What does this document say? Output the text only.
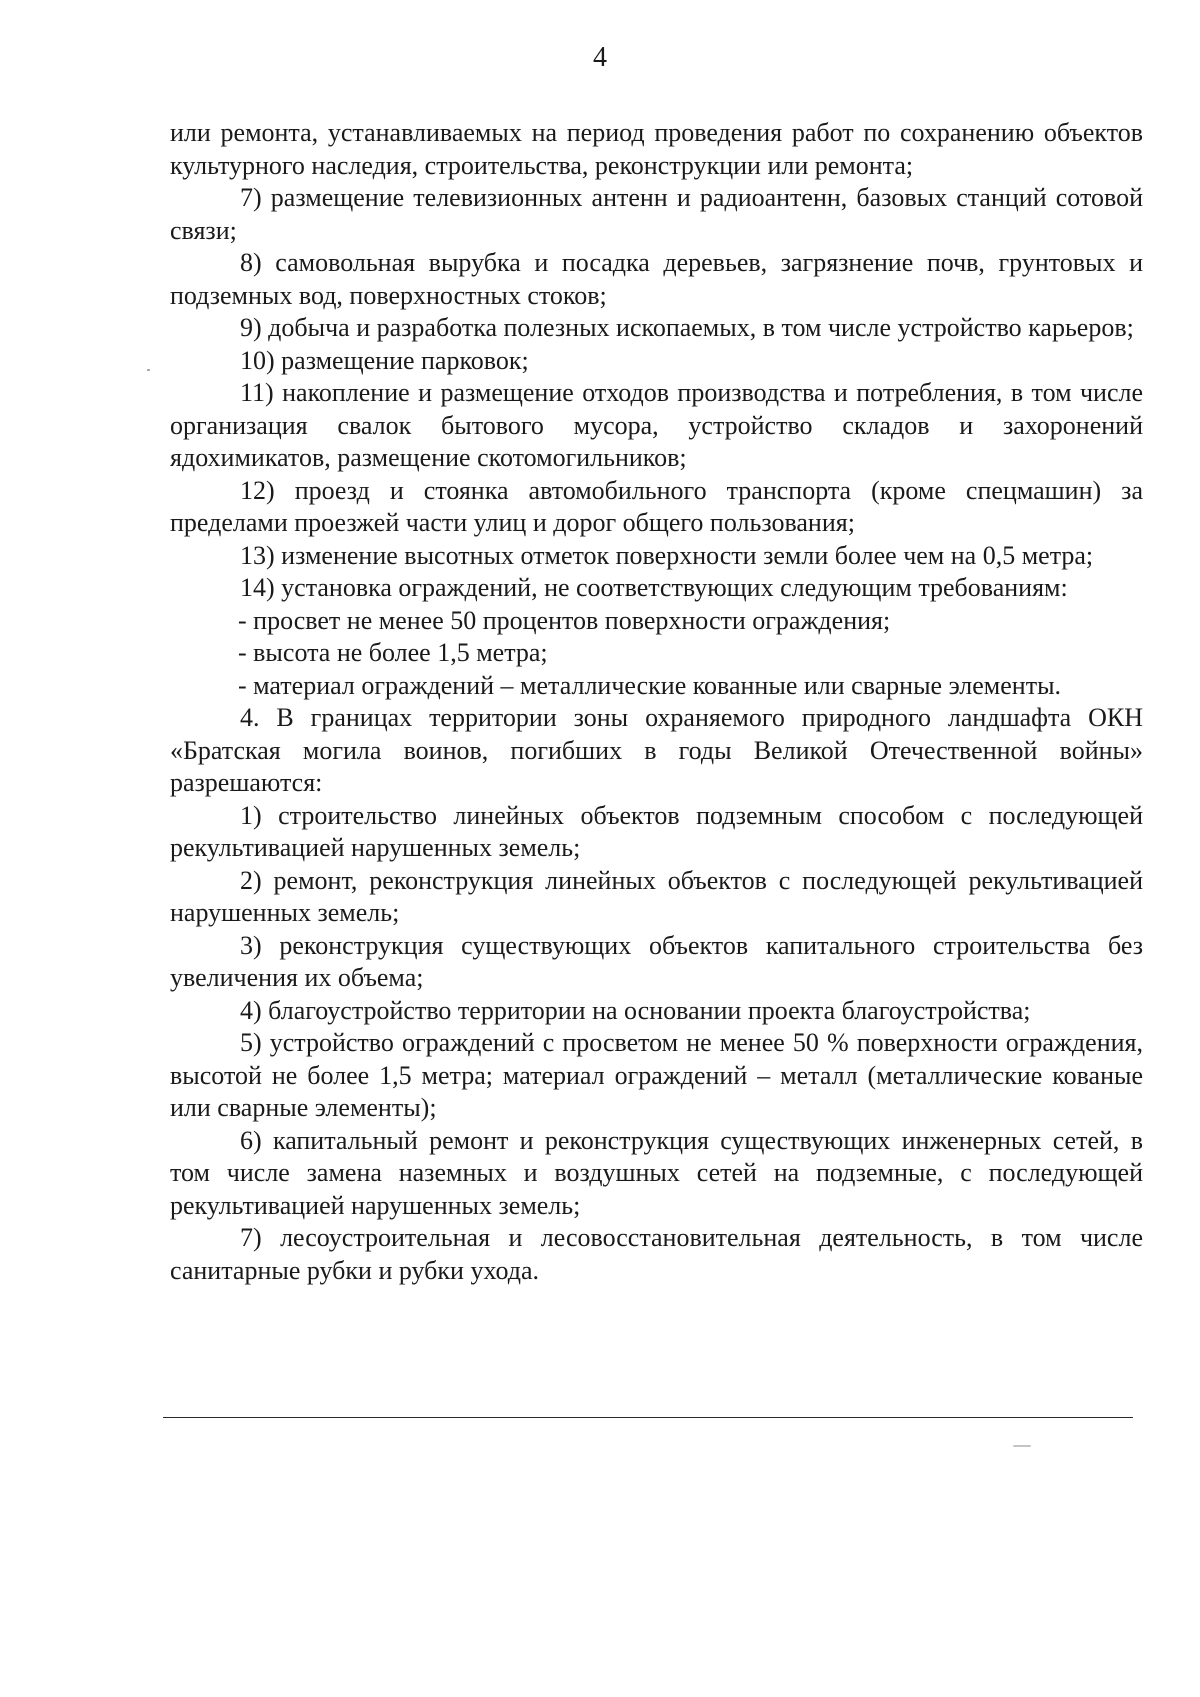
4

или ремонта, устанавливаемых на период проведения работ по сохранению объектов культурного наследия, строительства, реконструкции или ремонта;

7) размещение телевизионных антенн и радиоантенн, базовых станций сотовой связи;

8) самовольная вырубка и посадка деревьев, загрязнение почв, грунтовых и подземных вод, поверхностных стоков;

9) добыча и разработка полезных ископаемых, в том числе устройство карьеров;

10) размещение парковок;

11) накопление и размещение отходов производства и потребления, в том числе организация свалок бытового мусора, устройство складов и захоронений ядохимикатов, размещение скотомогильников;

12) проезд и стоянка автомобильного транспорта (кроме спецмашин) за пределами проезжей части улиц и дорог общего пользования;

13) изменение высотных отметок поверхности земли более чем на 0,5 метра;

14) установка ограждений, не соответствующих следующим требованиям:

- просвет не менее 50 процентов поверхности ограждения;

- высота не более 1,5 метра;

- материал ограждений – металлические кованные или сварные элементы.

4. В границах территории зоны охраняемого природного ландшафта ОКН «Братская могила воинов, погибших в годы Великой Отечественной войны» разрешаются:

1) строительство линейных объектов подземным способом с последующей рекультивацией нарушенных земель;

2) ремонт, реконструкция линейных объектов с последующей рекультивацией нарушенных земель;

3) реконструкция существующих объектов капитального строительства без увеличения их объема;

4) благоустройство территории на основании проекта благоустройства;

5) устройство ограждений с просветом не менее 50 % поверхности ограждения, высотой не более 1,5 метра; материал ограждений – металл (металлические кованые или сварные элементы);

6) капитальный ремонт и реконструкция существующих инженерных сетей, в том числе замена наземных и воздушных сетей на подземные, с последующей рекультивацией нарушенных земель;

7) лесоустроительная и лесовосстановительная деятельность, в том числе санитарные рубки и рубки ухода.
